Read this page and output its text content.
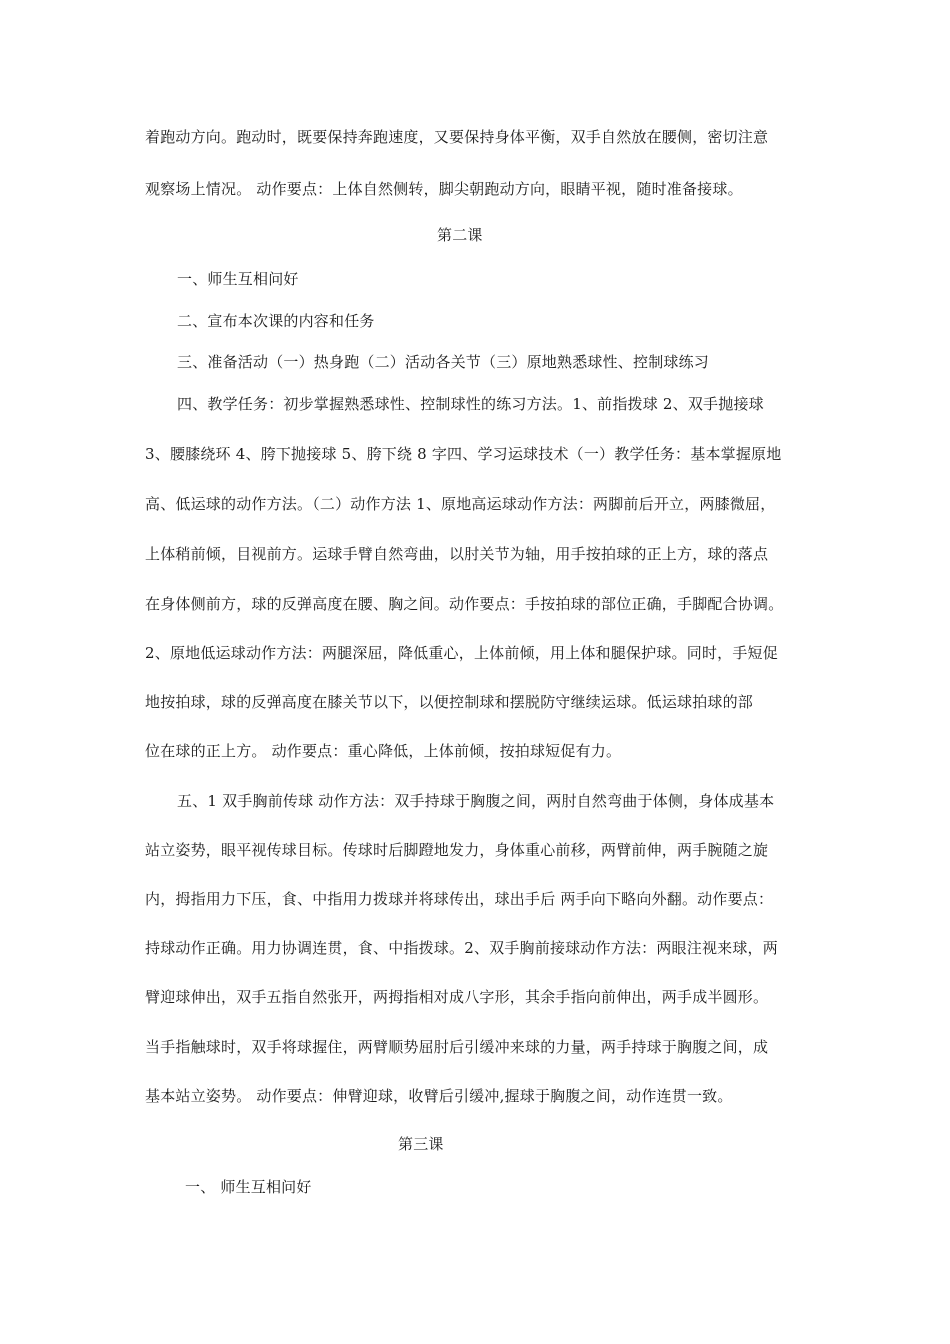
着跑动方向。跑动时，既要保持奔跑速度，又要保持身体平衡，双手自然放在腰侧，密切注意
观察场上情况。 动作要点：上体自然侧转，脚尖朝跑动方向，眼睛平视，随时准备接球。
第二课
一、师生互相问好
二、宣布本次课的内容和任务
三、准备活动（一）热身跑（二）活动各关节（三）原地熟悉球性、控制球练习
四、教学任务：初步掌握熟悉球性、控制球性的练习方法。1、前指拨球 2、双手抛接球
3、腰膝绕环 4、胯下抛接球 5、胯下绕 8 字四、学习运球技术（一）教学任务：基本掌握原地
高、低运球的动作方法。（二）动作方法 1、原地高运球动作方法：两脚前后开立，两膝微屈，
上体稍前倾，目视前方。运球手臂自然弯曲，以肘关节为轴，用手按拍球的正上方，球的落点
在身体侧前方，球的反弹高度在腰、胸之间。动作要点：手按拍球的部位正确，手脚配合协调。
2、原地低运球动作方法：两腿深屈，降低重心，上体前倾，用上体和腿保护球。同时，手短促
地按拍球，球的反弹高度在膝关节以下，以便控制球和摆脱防守继续运球。低运球拍球的部
位在球的正上方。 动作要点：重心降低，上体前倾，按拍球短促有力。
五、1 双手胸前传球 动作方法：双手持球于胸腹之间，两肘自然弯曲于体侧，身体成基本
站立姿势，眼平视传球目标。传球时后脚蹬地发力，身体重心前移，两臂前伸，两手腕随之旋
内，拇指用力下压，食、中指用力拨球并将球传出，球出手后 两手向下略向外翻。动作要点：
持球动作正确。用力协调连贯，食、中指拨球。2、双手胸前接球动作方法：两眼注视来球，两
臂迎球伸出，双手五指自然张开，两拇指相对成八字形，其余手指向前伸出，两手成半圆形。
当手指触球时，双手将球握住，两臂顺势屈肘后引缓冲来球的力量，两手持球于胸腹之间，成
基本站立姿势。 动作要点：伸臂迎球，收臂后引缓冲,握球于胸腹之间，动作连贯一致。
第三课
一、 师生互相问好
